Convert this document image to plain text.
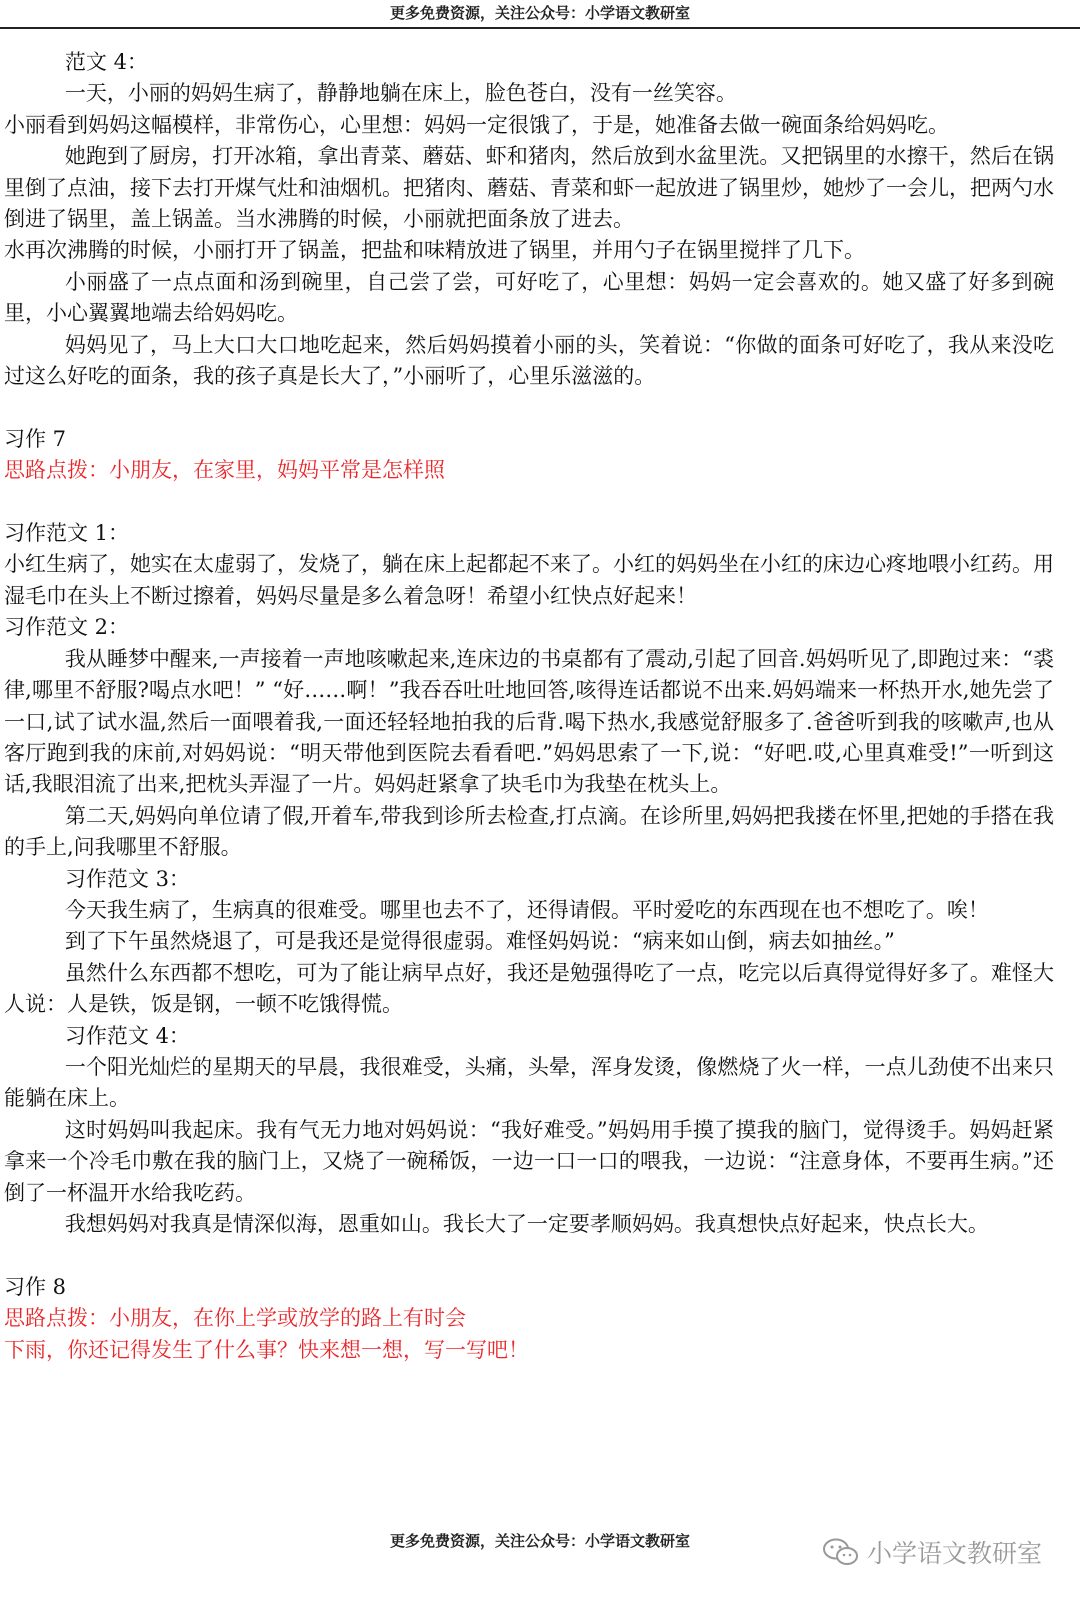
更多免费资源，关注公众号：小学语文教研室

范文 4：

一天，小丽的妈妈生病了，静静地躺在床上，脸色苍白，没有一丝笑容。

小丽看到妈妈这幅模样，非常伤心，心里想：妈妈一定很饿了，于是，她准备去做一碗面条给妈妈吃。

她跑到了厨房，打开冰箱，拿出青菜、蘑菇、虾和猪肉，然后放到水盆里洗。又把锅里的水擦干，然后在锅里倒了点油，接下去打开煤气灶和油烟机。把猪肉、蘑菇、青菜和虾一起放进了锅里炒，她炒了一会儿，把两勺水倒进了锅里，盖上锅盖。当水沸腾的时候，小丽就把面条放了进去。

水再次沸腾的时候，小丽打开了锅盖，把盐和味精放进了锅里，并用勺子在锅里搅拌了几下。

小丽盛了一点点面和汤到碗里，自己尝了尝，可好吃了，心里想：妈妈一定会喜欢的。她又盛了好多到碗里，小心翼翼地端去给妈妈吃。

妈妈见了，马上大口大口地吃起来，然后妈妈摸着小丽的头，笑着说：“你做的面条可好吃了，我从来没吃过这么好吃的面条，我的孩子真是长大了，”小丽听了，心里乐滋滋的。

习作 7

思路点拨：小朋友，在家里，妈妈平常是怎样照

习作范文 1：

小红生病了，她实在太虚弱了，发烧了，躺在床上起都起不来了。小红的妈妈坐在小红的床边心疼地喂小红药。用湿毛巾在头上不断过擦着，妈妈尽量是多么着急呀！希望小红快点好起来！

习作范文 2：

我从睡梦中醒来,一声接着一声地咳嗽起来,连床边的书桌都有了震动,引起了回音.妈妈听见了,即跑过来：“裘律,哪里不舒服?喝点水吧！” “好……啊！”我吞吞吐吐地回答,咳得连话都说不出来.妈妈端来一杯热开水,她先尝了一口,试了试水温,然后一面喂着我,一面还轻轻地拍我的后背.喝下热水,我感觉舒服多了.爸爸听到我的咳嗽声,也从客厅跑到我的床前,对妈妈说：“明天带他到医院去看看吧.”妈妈思索了一下,说：“好吧.哎,心里真难受!”一听到这话,我眼泪流了出来,把枕头弄湿了一片。妈妈赶紧拿了块毛巾为我垫在枕头上。

第二天,妈妈向单位请了假,开着车,带我到诊所去检查,打点滴。在诊所里,妈妈把我搂在怀里,把她的手搭在我的手上,问我哪里不舒服。

习作范文 3：

今天我生病了，生病真的很难受。哪里也去不了，还得请假。平时爱吃的东西现在也不想吃了。唉！

到了下午虽然烧退了，可是我还是觉得很虚弱。难怪妈妈说：“病来如山倒，病去如抽丝。”

虽然什么东西都不想吃，可为了能让病早点好，我还是勉强得吃了一点，吃完以后真得觉得好多了。难怪大人说：人是铁，饭是钢，一顿不吃饿得慌。

习作范文 4：

一个阳光灿烂的星期天的早晨，我很难受，头痛，头晕，浑身发烫，像燃烧了火一样，一点儿劲使不出来只能躺在床上。

这时妈妈叫我起床。我有气无力地对妈妈说：“我好难受。”妈妈用手摸了摸我的脑门，觉得烫手。妈妈赶紧拿来一个冷毛巾敷在我的脑门上，又烧了一碗稀饭，一边一口一口的喂我，一边说：“注意身体，不要再生病。”还倒了一杯温开水给我吃药。

我想妈妈对我真是情深似海，恩重如山。我长大了一定要孝顺妈妈。我真想快点好起来，快点长大。

习作 8

思路点拨：小朋友，在你上学或放学的路上有时会

下雨，你还记得发生了什么事？快来想一想，写一写吧！

更多免费资源，关注公众号：小学语文教研室	小学语文教研室
